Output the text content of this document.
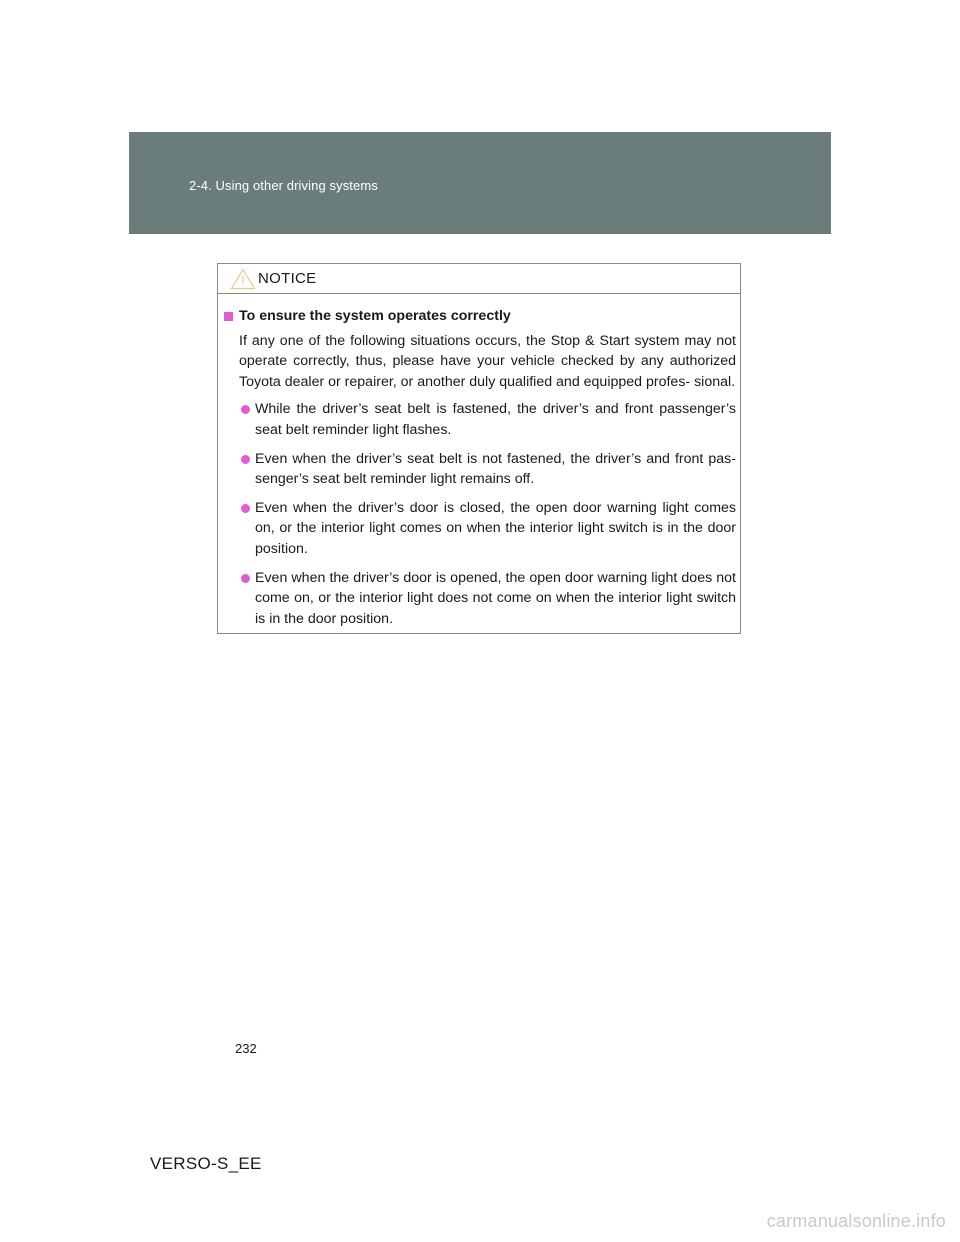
2-4. Using other driving systems
NOTICE
To ensure the system operates correctly

If any one of the following situations occurs, the Stop & Start system may not operate correctly, thus, please have your vehicle checked by any authorized Toyota dealer or repairer, or another duly qualified and equipped profes- sional.

While the driver’s seat belt is fastened, the driver’s and front passenger’s seat belt reminder light flashes.
Even when the driver’s seat belt is not fastened, the driver’s and front pas- senger’s seat belt reminder light remains off.
Even when the driver’s door is closed, the open door warning light comes on, or the interior light comes on when the interior light switch is in the door position.
Even when the driver’s door is opened, the open door warning light does not come on, or the interior light does not come on when the interior light switch is in the door position.
232
VERSO-S_EE
carmanualsonline.info
